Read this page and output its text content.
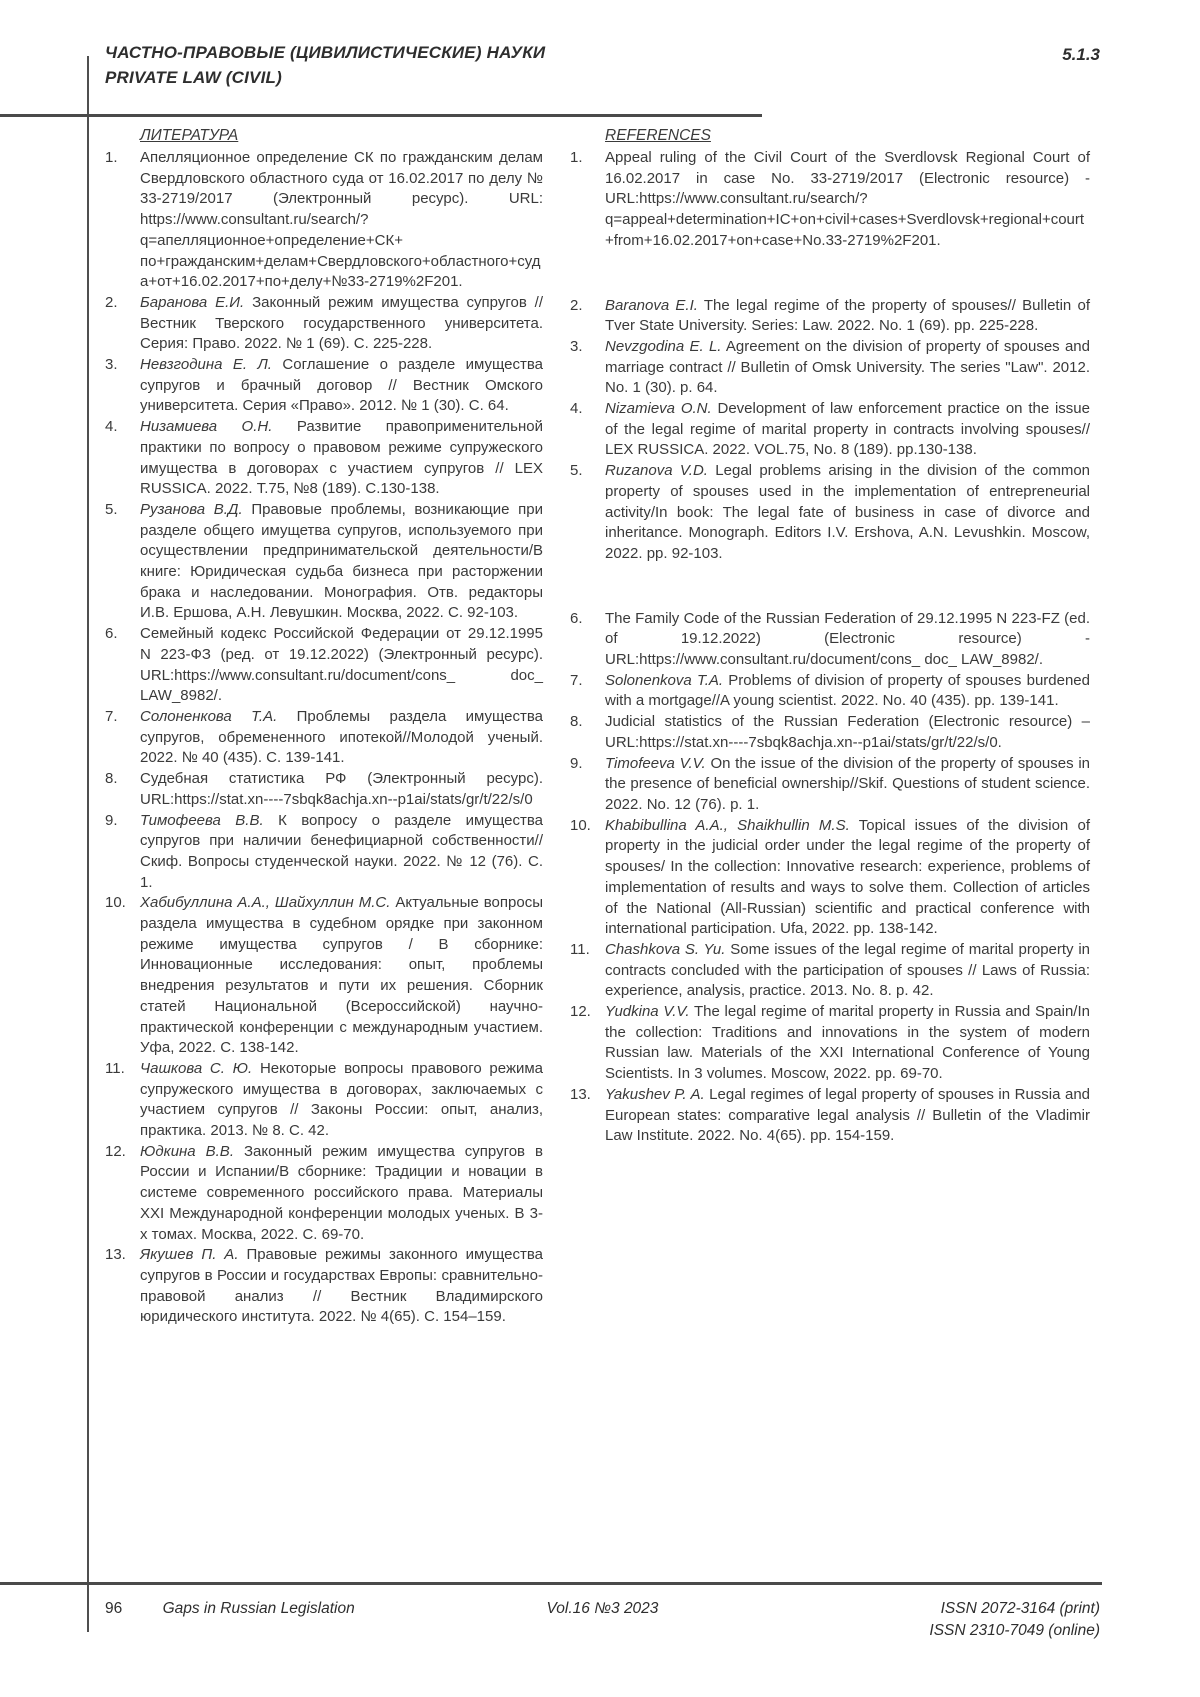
ЧАСТНО-ПРАВОВЫЕ (ЦИВИЛИСТИЧЕСКИЕ) НАУКИ
PRIVATE LAW (CIVIL)
5.1.3
ЛИТЕРАТУРА
1.	Апелляционное определение СК по гражданским делам Свердловского областного суда от 16.02.2017 по делу № 33-2719/2017 (Электронный ресурс). URL: https://www.consultant.ru/search/?q=апелляционное+определение+СК+ по+гражданским+делам+Свердловского+областного+суда+от+16.02.2017+по+делу+№33-2719%2F201.
2.	Баранова Е.И. Законный режим имущества супругов // Вестник Тверского государственного университета. Серия: Право. 2022. № 1 (69). С. 225-228.
3.	Невзгодина Е. Л. Соглашение о разделе имущества супругов и брачный договор // Вестник Омского университета. Серия «Право». 2012. № 1 (30). С. 64.
4.	Низамиева О.Н. Развитие правоприменительной практики по вопросу о правовом режиме супружеского имущества в договорах с участием супругов // LEX RUSSICA. 2022. Т.75, №8 (189). С.130-138.
5.	Рузанова В.Д. Правовые проблемы, возникающие при разделе общего имущетва супругов, используемого при осуществлении предпринимательской деятельности/В книге: Юридическая судьба бизнеса при расторжении брака и наследовании. Монография. Отв. редакторы И.В. Ершова, А.Н. Левушкин. Москва, 2022. С. 92-103.
6.	Семейный кодекс Российской Федерации от 29.12.1995 N 223-ФЗ (ред. от 19.12.2022) (Электронный ресурс). URL:https://www.consultant.ru/document/cons_ doc_ LAW_8982/.
7.	Солоненкова Т.А. Проблемы раздела имущества супругов, обремененного ипотекой//Молодой ученый. 2022. № 40 (435). С. 139-141.
8.	Судебная статистика РФ (Электронный ресурс). URL:https://stat.xn----7sbqk8achja.xn--p1ai/stats/gr/t/22/s/0
9.	Тимофеева В.В. К вопросу о разделе имущества супругов при наличии бенефициарной собственности//Скиф. Вопросы студенческой науки. 2022. № 12 (76). С. 1.
10. Хабибуллина А.А., Шайхуллин М.С. Актуальные вопросы раздела имущества в судебном орядке при законном режиме имущества супругов / В сборнике: Инновационные исследования: опыт, проблемы внедрения результатов и пути их решения. Сборник статей Национальной (Всероссийской) научно-практической конференции с международным участием. Уфа, 2022. С. 138-142.
11.	Чашкова С. Ю. Некоторые вопросы правового режима супружеского имущества в договорах, заключаемых с участием супругов // Законы России: опыт, анализ, практика. 2013. № 8. С. 42.
12. Юдкина В.В. Законный режим имущества супругов в России и Испании/В сборнике: Традиции и новации в системе современного российского права. Материалы XXI Международной конференции молодых ученых. В 3-х томах. Москва, 2022. С. 69-70.
13. Якушев П. А. Правовые режимы законного имущества супругов в России и государствах Европы: сравнительно-правовой анализ // Вестник Владимирского юридического института. 2022. № 4(65). С. 154–159.
REFERENCES
1.	Appeal ruling of the Civil Court of the Sverdlovsk Regional Court of 16.02.2017 in case No. 33-2719/2017 (Electronic resource) - URL:https://www.consultant.ru/search/?q=appeal+determination+IC+on+civil+cases+Sverdlovsk+regional+court+from+16.02.2017+on+case+No.33-2719%2F201.
2.	Baranova E.I. The legal regime of the property of spouses// Bulletin of Tver State University. Series: Law. 2022. No. 1 (69). pp. 225-228.
3.	Nevzgodina E. L. Agreement on the division of property of spouses and marriage contract // Bulletin of Omsk University. The series "Law". 2012. No. 1 (30). p. 64.
4.	Nizamieva O.N. Development of law enforcement practice on the issue of the legal regime of marital property in contracts involving spouses// LEX RUSSICA. 2022. VOL.75, No. 8 (189). pp.130-138.
5.	Ruzanova V.D. Legal problems arising in the division of the common property of spouses used in the implementation of entrepreneurial activity/In book: The legal fate of business in case of divorce and inheritance. Monograph. Editors I.V. Ershova, A.N. Levushkin. Moscow, 2022. pp. 92-103.
6.	The Family Code of the Russian Federation of 29.12.1995 N 223-FZ (ed. of 19.12.2022) (Electronic resource) - URL:https://www.consultant.ru/document/cons_ doc_ LAW_8982/.
7.	Solonenkova T.A. Problems of division of property of spouses burdened with a mortgage//A young scientist. 2022. No. 40 (435). pp. 139-141.
8.	Judicial statistics of the Russian Federation (Electronic resource) – URL:https://stat.xn----7sbqk8achja.xn--p1ai/stats/gr/t/22/s/0.
9.	Timofeeva V.V. On the issue of the division of the property of spouses in the presence of beneficial ownership//Skif. Questions of student science. 2022. No. 12 (76). p. 1.
10. Khabibullina A.A., Shaikhullin M.S. Topical issues of the division of property in the judicial order under the legal regime of the property of spouses/ In the collection: Innovative research: experience, problems of implementation of results and ways to solve them. Collection of articles of the National (All-Russian) scientific and practical conference with international participation. Ufa, 2022. pp. 138-142.
11.	Chashkova S. Yu. Some issues of the legal regime of marital property in contracts concluded with the participation of spouses // Laws of Russia: experience, analysis, practice. 2013. No. 8. p. 42.
12. Yudkina V.V. The legal regime of marital property in Russia and Spain/In the collection: Traditions and innovations in the system of modern Russian law. Materials of the XXI International Conference of Young Scientists. In 3 volumes. Moscow, 2022. pp. 69-70.
13. Yakushev P. A. Legal regimes of legal property of spouses in Russia and European states: comparative legal analysis // Bulletin of the Vladimir Law Institute. 2022. No. 4(65). pp. 154-159.
96	Gaps in Russian Legislation	Vol.16 №3 2023	ISSN 2072-3164 (print)
ISSN 2310-7049 (online)
